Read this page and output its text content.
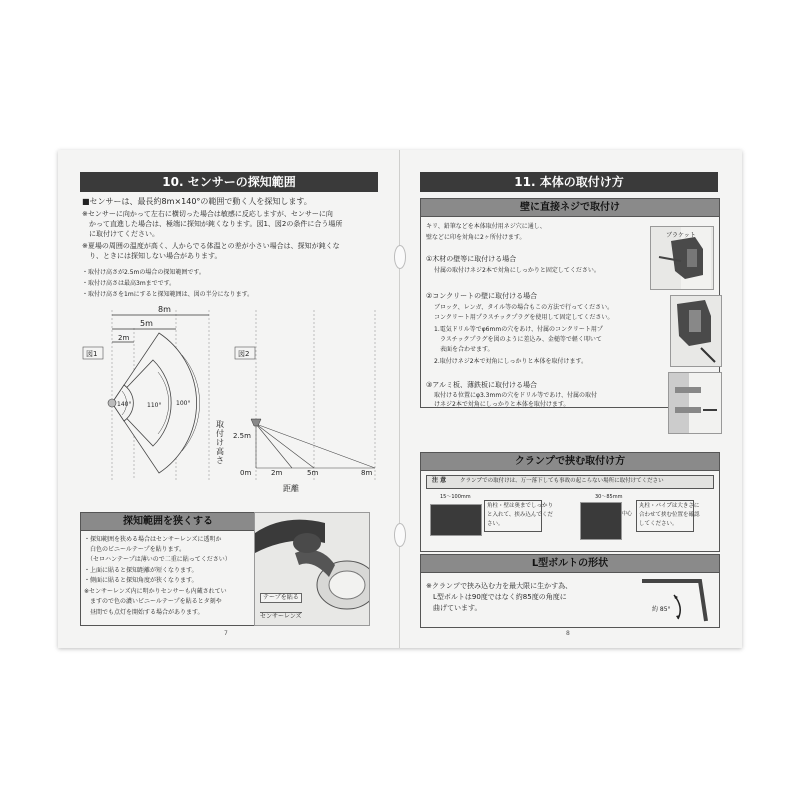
10. センサーの探知範囲
■センサーは、最長約8m×140°の範囲で動く人を探知します。
※センサーに向かって左右に横切った場合は敏感に反応しますが、センサーに向
　かって直進した場合は、極端に探知が鈍くなります。図1、図2の条件に合う場所
　に取付けてください。
※夏場の周囲の温度が高く、人からでる体温との差が小さい場合は、探知が鈍くな
　り、ときには探知しない場合があります。
・取付け高さが2.5mの場合の探知範囲です。
・取付け高さは最高3mまでです。
・取付け高さを1mにすると探知範囲は、図の半分になります。
8m
5m
2m
図1	図2
140°	110° 100°
2.5m
0m	2m	5m	8m
距離
取付け高さ
探知範囲を狭くする
・探知範囲を狭める場合はセンサーレンズに透明か
　白色のビニールテープを貼ります。
　（セロハンテープは薄いので二重に貼ってください）
・上面に貼ると探知距離が短くなります。
・側面に貼ると探知角度が狭くなります。
※センサーレンズ内に明かりセンサーも内蔵されてい
　ますので色の濃いビニールテープを貼るとタ刻や
　昼間でも点灯を開始する場合があります。
テープを貼る
センサーレンズ
7
11. 本体の取付け方
壁に直接ネジで取付け
キリ、鉛筆などを本体取付用ネジ穴に通し、
壁などに印を対角に2ヶ所付けます。
①木材の壁等に取付ける場合
付属の取付けネジ2本で対角にしっかりと固定してください。
②コンクリートの壁に取付ける場合
ブロック、レンガ、タイル等の場合もこの方法で行ってください。
コンクリート用プラスチックプラグを使用して固定してください。
1.電気ドリル等でφ6mmの穴をあけ、付属のコンクリート用プ
　ラスチックプラグを図のように差込み、金槌等で軽く叩いて
　表面を合わせます。
2.取付けネジ2本で対角にしっかりと本体を取付けます。
③アルミ板、薄鉄板に取付ける場合
取付ける位置にφ3.3mmの穴をドリル等であけ、付属の取付
けネジ2本で対角にしっかりと本体を取付けます。
ブラケット
クランプで挟む取付け方
注 意	クランプでの取付けは、万一落下しても事故の起こらない場所に取付けてください
15〜100mm
角柱・壁は奥までしっかり
と入れて、挟み込んでくだ
さい。
30〜85mm
中心
丸柱・パイプは大きさに
合わせて挟む位置を確認
してください。
L型ボルトの形状
※クランプで挟み込む力を最大限に生かす為、
　L型ボルトは90度ではなく約85度の角度に
　曲げています。	約 85°
8
